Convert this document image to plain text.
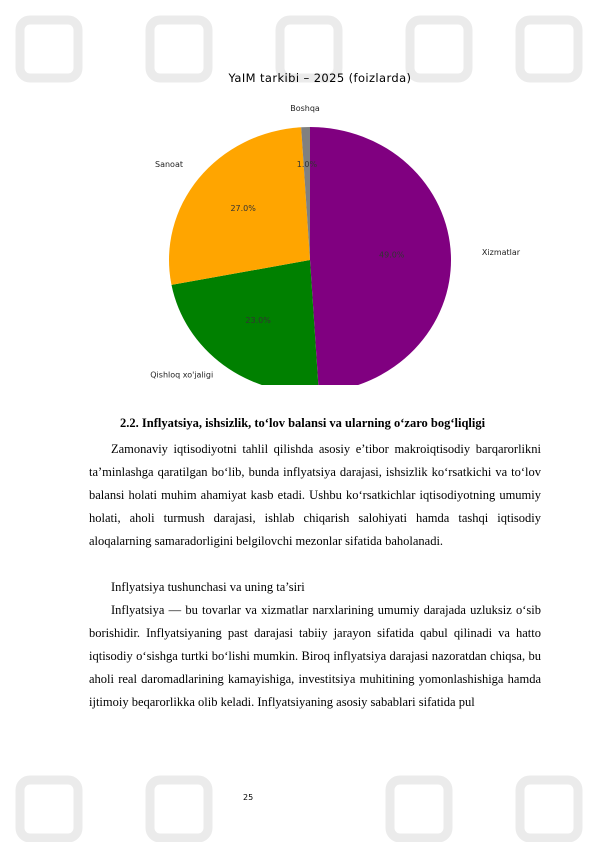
YaIM tarkibi – 2025 (foizlarda)
49.0%	Xizmatlar
23.0%
Qishloq xo'jaligi
27.0%
Sanoat	1.0%
Boshqa
2.2. Inflyatsiya, ishsizlik, to‘lov balansi va ularning o‘zaro bog‘liqligi

Zamonaviy iqtisodiyotni tahlil qilishda asosiy e’tibor makroiqtisodiy barqarorlikni ta’minlashga qaratilgan bo‘lib, bunda inflyatsiya darajasi, ishsizlik ko‘rsatkichi va to‘lov balansi holati muhim ahamiyat kasb etadi. Ushbu ko‘rsatkichlar iqtisodiyotning umumiy holati, aholi turmush darajasi, ishlab chiqarish salohiyati hamda tashqi iqtisodiy aloqalarning samaradorligini belgilovchi mezonlar sifatida baholanadi.

Inflyatsiya tushunchasi va uning ta’siri

Inflyatsiya — bu tovarlar va xizmatlar narxlarining umumiy darajada uzluksiz o‘sib borishidir. Inflyatsiyaning past darajasi tabiiy jarayon sifatida qabul qilinadi va hatto iqtisodiy o‘sishga turtki bo‘lishi mumkin. Biroq inflyatsiya darajasi nazoratdan chiqsa, bu aholi real daromadlarining kamayishiga, investitsiya muhitining yomonlashishiga hamda ijtimoiy beqarorlikka olib keladi. Inflyatsiyaning asosiy sabablari sifatida pul

25
